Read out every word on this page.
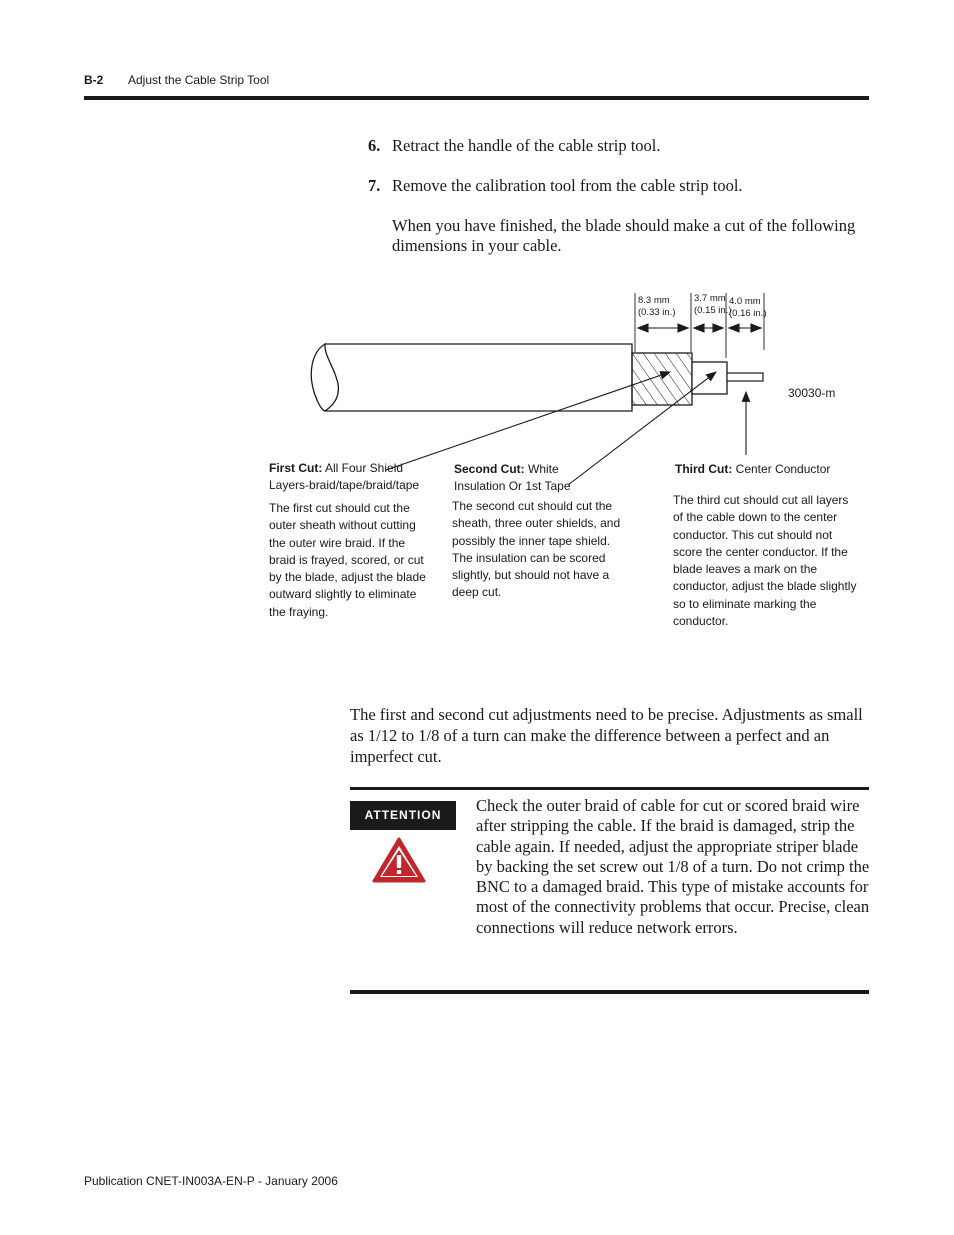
B-2 Adjust the Cable Strip Tool
6. Retract the handle of the cable strip tool.
7. Remove the calibration tool from the cable strip tool.
When you have finished, the blade should make a cut of the following dimensions in your cable.
8.3 mm
(0.33 in.)
3.7 mm
(0.15 in.)
4.0 mm
(0.16 in.)
30030-m
First Cut: All Four Shield Layers-braid/tape/braid/tape
The first cut should cut the outer sheath without cutting the outer wire braid. If the braid is frayed, scored, or cut by the blade, adjust the blade outward slightly to eliminate the fraying.
Second Cut: White Insulation Or 1st Tape
The second cut should cut the sheath, three outer shields, and possibly the inner tape shield. The insulation can be scored slightly, but should not have a deep cut.
Third Cut: Center Conductor
The third cut should cut all layers of the cable down to the center conductor. This cut should not score the center conductor. If the blade leaves a mark on the conductor, adjust the blade slightly so to eliminate marking the conductor.
The first and second cut adjustments need to be precise. Adjustments as small as 1/12 to 1/8 of a turn can make the difference between a perfect and an imperfect cut.
ATTENTION	Check the outer braid of cable for cut or scored braid wire after stripping the cable. If the braid is damaged, strip the cable again. If needed, adjust the appropriate striper blade by backing the set screw out 1/8 of a turn. Do not crimp the BNC to a damaged braid. This type of mistake accounts for most of the connectivity problems that occur. Precise, clean connections will reduce network errors.
Publication CNET-IN003A-EN-P - January 2006
